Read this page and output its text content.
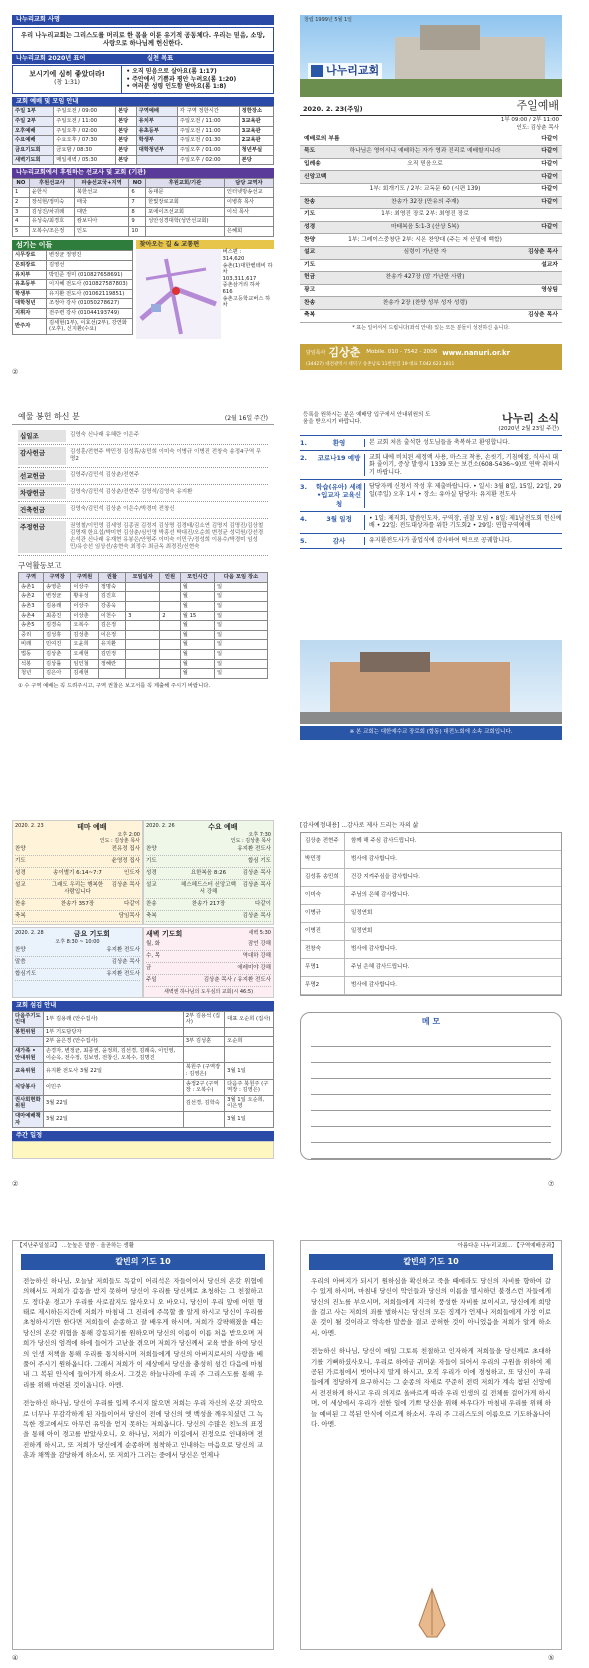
나누리교회 사명
우리 나누리교회는 그리스도를 머리로 한 몸을 이룬 유기적 공동체다. 우리는 믿음, 소망, 사랑으로 하나님께 헌신한다.
나누리교회 2020년 표어	실천 목표
보시기에 심히 좋았더라!
(창 1:31)
• 오직 믿음으로 살아요(롬 1:17)
• 주안에서 기쁨과 평안 누려요(롬 1:20)
• 여러분 성령 인도함 받아요(롬 1:8)
교회 예배 및 모임 안내
주일 1부	주일오전 / 09:00	본당	구역예배	각 구역 정한시간	정한장소
주일 2부	주일오전 / 11:00	본당	유치부	주일오전 / 11:00	3교육관
오후예배	주일오후 / 02:00	본당	유초등부	주일오전 / 11:00	3교육관
수요예배	수요오후 / 07:30	본당	학생부	주일오전 / 01:30	2교육관
금요기도회	금요밤 / 08:30	본당	대학청년부	주일오후 / 01:00	청년부실
새벽기도회	매일새벽 / 05:30	본당		주일오후 / 02:00	본당
나누리교회에서 후원하는 선교사 및 교회 (기관)
NO	후원선교사	파송선교국+지역	NO	후원교회/기관	담당 교역자
1	윤한식	북한선교	6	동대문	인터넷방송선교
2	장석현/정미숙	태국	7	한빛장로교회	이병휴 목사
3	김성진/차귀례	대만	8	포에이즈선교회	이석 목사
4	유성숙/최경호	캄보디아	9	성안성경대학(성안선교회)	
5	오복수/조은정	인도	10		은혜회
섬기는 이들
시무장로	변정균 정영진
은퇴장로	김영선
유치부	박민준 정미 (010827658691)
유초등부	이지혜 전도사 (010827587803)
학생부	유지환 전도사 (01062119851)
대학청년	조정아 강사 (01050278627)
지휘자	전주련 강사 (01044193749)
반주자	김세현(1부), 이효선(2부), 강연화(오후), 신지환(수요)
찾아오는 길 & 교통편
버스편 :
314,620
송촌(1)대한벧테비 하차
103,311,617
중촌삼거리 하차
616
송촌고등학교버스 하차
②
창립 1999년 5월 1일
나누리교회
2020. 2. 23(주일)	주일예배
1부 09:00 / 2부 11:00
인도: 김상춘 목사
예배로의 부름	다같이
묵도	하나님은 영이시니 예배하는 자가 영과 진리로 예배할지니라	다같이
입례송	오직 믿음으로	다같이
신앙고백	다같이
1부: 회개기도 / 2부: 교독문 60 (시편 139)	다같이
찬송	찬송가 32장 (만유의 주재)	다같이
기도	1부: 최영진 장로 2부: 최영진 장로
성경	마태복음 5:1-3 (산상 5복)	다같이
찬양	1부: 그레이스중창단 2부: 시온 찬양대 (주는 저 산밑에 백합)
설교	심령이 가난한 자	김상춘 목사
기도	설교자
헌금	찬송가 427장 (맘 가난한 사람)
광고	영상팀
찬송	찬송가 2장 (찬양 성부 성자 성령)
축복	김상춘 목사
* 표는 일어서서 드립니다(좌석 안내) 있는 모든 분들이 성전하신 옵니다.
담임목사 김상춘 Mobile. 010 - 7542 - 2006 www.nanuri.or.kr
(34427) 대전광역시 대덕구 송촌남로 11번안길 19 대표 T.042.623.1811
예물 봉헌 하신 분	(2월 16일 주간)
십일조	김영숙 신나래 유혜란 이은주
감사헌금	김성훈/전현주 박민정 김성휴/송민희 이미숙 이병규 이병진 전창숙 송정4구역 무명2
선교헌금	김영주/김민석 김상춘/전현주
차량헌금	김영숙/김민석 김상춘/전현주 김영석/김영숙 유지환
건축헌금	김영숙/김민석 김상춘 이은수/박경미 전창신
주정헌금	권영철/이민영 김세영 김종권 김정지 김상명 김경태/김소연 김명지 김명진/김상철 김명재 한요섭/박미현 김상춘/심인영 박흥선 박대진/오순희 변정균 성덕원/강선경 손석관 신나래 유재현 유봉은/안명주 이미숙 이민구/정성희 이용수/박경미 임성민/유승선 임상선/송현숙 최정수 최금옥 최경진/신현숙
구역활동보고
구역	구역장	구역원	권찰	모임일자	인원	모인시간	다음 모임 장소
송촌1	송영준	이상주	정명숙			월	일
송촌2	변정균	황유성	김진호			월	일
송촌3	김용래	이상주	강종욱			월	일
송촌4	최종진	이상춘	이천수	3	2	월 15	일
송촌5	김경숙	오복수	김은정			월	일
중리	김성휴	김성춘	이은정			월	일
비래	민여진	오윤희	유지환			월	일
법동	김상춘	오세현	김민정			월	일
석봉	김상률	임인철	정혜란			월	일
청년	김은아	김세현				월	일
① 수 구역 예배는 꼭 드려주시고, 구역 권찰은 보고서를 꼭 제출해 주시기 바랍니다.
등록을 원하시는 분은 예배당 입구에서 안내위원의 도움을 받으시기 바랍니다.	나누리 소식
(2020년 2월 23일 주간)
1.	환영	본 교회 처음 출석한 성도님들을 축복하고 환영합니다.
2.	코로나19 예방	교회 내에 비치된 세정액 사용, 마스크 착용, 손씻기, 기침예절, 식사시 대화 줄이기, 증상 발생시 1339 또는 보건소(608-5436~9)로 연락 취하시기 바랍니다.
3.	학습(유아) 세례•입교자 교육신청
담당자께 신청서 작성 후 제출바랍니다. • 일시: 3월 8일, 15일, 22일, 29일(주일) 오후 1시 • 장소: 유아실 담당자: 유지환 전도사
4.	3월 일정	• 1일: 제직회, 말씀인도자, 구역장, 권찰 모임 • 8일: 제1남전도회 헌신예배 • 22일: 전도대상자를 위한 기도회2 • 29일: 연합구역예배
5.	감사	유지환전도사가 졸업식에 감사하여 떡으로 공궤합니다.
※ 본 교회는 대한예수교 장로회 (합동) 대전노회에 소속 교회입니다.
2020. 2. 23	테마 예배
오후 2:00
인도 : 김상춘 목사
찬양	전유정 집사
기도	윤영정 집사
성경	송이별기 6:14~7:7	인도자
설교	그래도 우리는 행복한 사람입니다
김상춘 목사
찬송	찬송가 357장	다같이
축복	담임목사
2020. 2. 26	수요 예배
오후 7:30
인도 : 김상춘 목사
찬양	유지환 전도사
기도	합심 기도
성경	요한복음 8:26	김상춘 목사
설교	헤스헤드스터 신앙고백서 강해
김상춘 목사
찬송	찬송가 217장	다같이
축복	김상춘 목사
2020. 2. 28	금요 기도회
오후 8:30 ~ 10:00
찬양	유지환 전도사
말씀	김상춘 목사
합심기도	유지환 전도사
새벽 기도회	새벽 5:30
월, 화	잠언 강해
수, 목	역대하 강해
금	에레미야 강해
주일	김상춘 목사 / 유지환 전도사
새벽엔 하나님의 도우심의 교회(시 46:5)
교회 섬김 안내
다음주기도인대	1부 김용래 (안수집사)	2부 김용석 (집사)	대표 오순희 (집사)
봉헌위원	1부 기도담당자		
	2부 윤은경 (안수집사)	3부 김성훈	오순희
새가족 • 안내위원	손경자, 변정균, 최종권, 윤정희, 김선경, 김래숙, 이인영, 이순옥, 전수정, 김보영, 전창신, 오복수, 김명진		
교육위원	유지환 전도사 3월 22일	북원주 (구역장 : 김영은)	3월 1일
식당봉사	이민주	송정2구 (구역장 : 오복수)	다음주 북원주 (구역장 : 김영은)
권사회현화위원	3월 22일	김선경, 김학숙	3월 1일 오순희, 이은영
대마예배책자	3월 22일		3월 1일
주간 일정
②
[감사예정내용] ...감사로 제사 드리는 자의 삶
김상춘 전현주	함께 해 주심 감사드립니다.
박민정	범사에 감사합니다.
김성휴 송민희	건강 지켜주심을 감사합니다.
이미숙	주님의 은혜 감사합니다.
이병규	일정연회
이병진	일정연회
전창숙	범사에 감사합니다.
무명1	주님 은혜 감사드립니다.
무명2	범사에 감사합니다.
메 모
⑦
【지난주일설교】 ...눈높은 말씀 · 올곧하는 생활
칼빈의 기도 10
전능하신 하나님, 오늘날 저희들도 독같이 어리석은 자들이어서 당신의 온갖 위협에 의해서도 저희가 갑동을 받지 못하며 당신이 우리를 당신께로 초청하는 그 친절하고도 정다운 경고가 우리를 사로잡지도 않사오니 오 바오니, 당신이 우리 앞에 어떤 형태로 제시하든지간에 저희가 마침내 그 진리에 주목할 줄 알게 하시고 당신이 우리를 초청하시기만 한다면 저희들이 순종하고 잘 배우게 하시며, 저희가 강퍅해졌을 때는 당신의 온갖 위협을 통해 강동되기를 원하오며 당신의 이름이 이름 처음 받으오며 저희가 당신의 엄격에 하에 들어가 고난을 겪으며 저희가 당신께서 교육 받을 하여 당신의 인생 저책을 통해 우리를 통치하시며 저희들에게 당신의 아버지로서의 사랑을 베풀어 주시기 원하옵니다. 그래서 저희가 이 세상에서 당신을 충성히 섬긴 다음에 마침내 그 복된 안식에 들어가게 하소서. 그것은 하늘나라에 우리 주 그리스도를 통해 우리를 위해 마련된 것이옵니다. 아멘.
전능하신 하나님, 당신이 우리를 입께 주시지 않으면 저희는 우리 자신의 온갖 죄악으로 너무나 무감각하게 된 자들이어서 당신이 전에 당신의 옛 백성을 깨우치셨던 그 녹독한 경고에서도 아무런 유익을 얻지 못하는 저희옵니다. 당신의 수많은 친노의 표징을 통해 아이 경고를 받았사오니, 오 하나님, 저희가 이길에서 진정으로 인내하며 전진하게 하시고, 또 저희가 당신에게 순종하며 침착하고 인내하는 마음으로 당신의 교훈과 채찍을 감당하게 하소서, 또 저희가 그러는 중에서 당신은 언제나
④
아름다운 나누리교회... 【구역예배공과】
칼빈의 기도 10
우리의 아버지가 되시기 원하심을 확신하고 죽을 때에라도 당신의 자비를 향하여 갈 수 있게 하시며, 마침내 당신이 악인들과 당신의 이름을 멸시하던 불경스런 자들에게 당신의 진노를 부으시며, 저희들에게 지극히 풍성한 자비를 보이시고, 당신에게 희망을 걸고 사는 저희의 죄를 벌하시는 당신의 모든 징계가 언제나 저희들에게 가장 이로운 것이 될 것이라고 약속한 말씀을 결코 공허한 것이 아니었음을 저희가 알게 하소서, 아멘.
전능하신 하나님, 당신이 매일 그토록 친절하고 인자하게 저희들을 당신께로 초대하기를 기뻐하셨사오니, 우리로 하여금 귀머운 자들이 되어서 우리의 구원을 위하여 제공된 가르침에서 벗어나지 말게 하시고, 오직 우리가 이에 경청하고, 또 당신이 우리들에게 정당하게 요구하시는 그 순종의 자세로 꾸준히 전력 저희가 계속 참된 신앙에서 전진하게 하시고 우리 의지로 올바르게 따라 우리 인생의 길 전체를 걸어가게 하시며, 이 세상에서 우리가 선한 일에 기쁘 당신을 위해 싸우다가 마침내 우리를 위해 하늘 예비된 그 복된 안식에 이르게 하소서. 우리 주 그리스도의 이름으로 기도하옵나이다. 아멘.
⑤
